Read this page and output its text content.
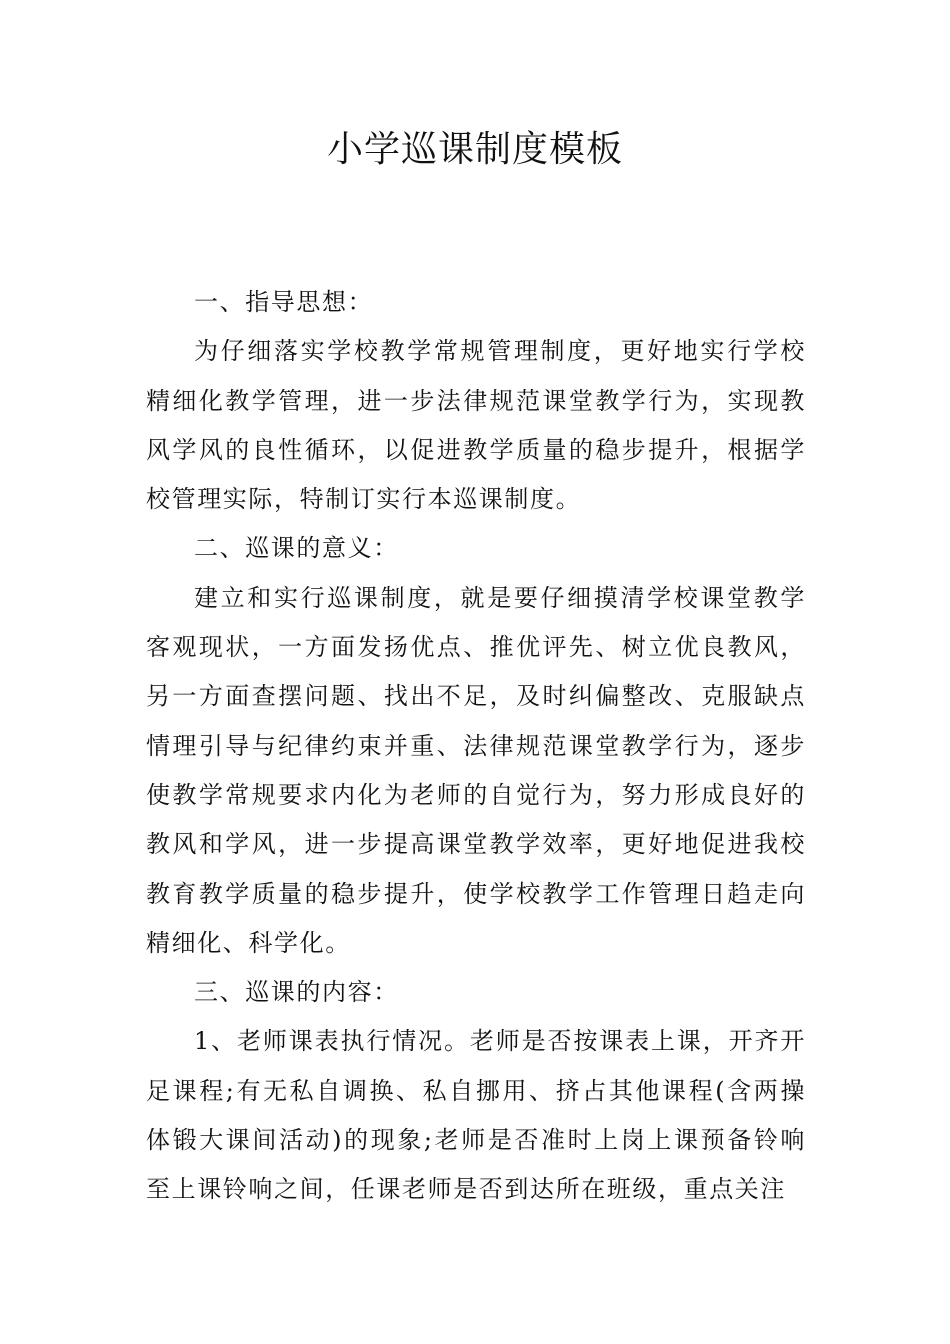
小学巡课制度模板

一、指导思想：

为仔细落实学校教学常规管理制度，更好地实行学校精细化教学管理，进一步法律规范课堂教学行为，实现教风学风的良性循环，以促进教学质量的稳步提升，根据学校管理实际，特制订实行本巡课制度。

二、巡课的意义：

建立和实行巡课制度，就是要仔细摸清学校课堂教学客观现状，一方面发扬优点、推优评先、树立优良教风，另一方面查摆问题、找出不足，及时纠偏整改、克服缺点情理引导与纪律约束并重、法律规范课堂教学行为，逐步使教学常规要求内化为老师的自觉行为，努力形成良好的教风和学风，进一步提高课堂教学效率，更好地促进我校教育教学质量的稳步提升，使学校教学工作管理日趋走向精细化、科学化。

三、巡课的内容：

1、老师课表执行情况。老师是否按课表上课，开齐开足课程;有无私自调换、私自挪用、挤占其他课程(含两操体锻大课间活动)的现象;老师是否准时上岗上课预备铃响至上课铃响之间，任课老师是否到达所在班级，重点关注
